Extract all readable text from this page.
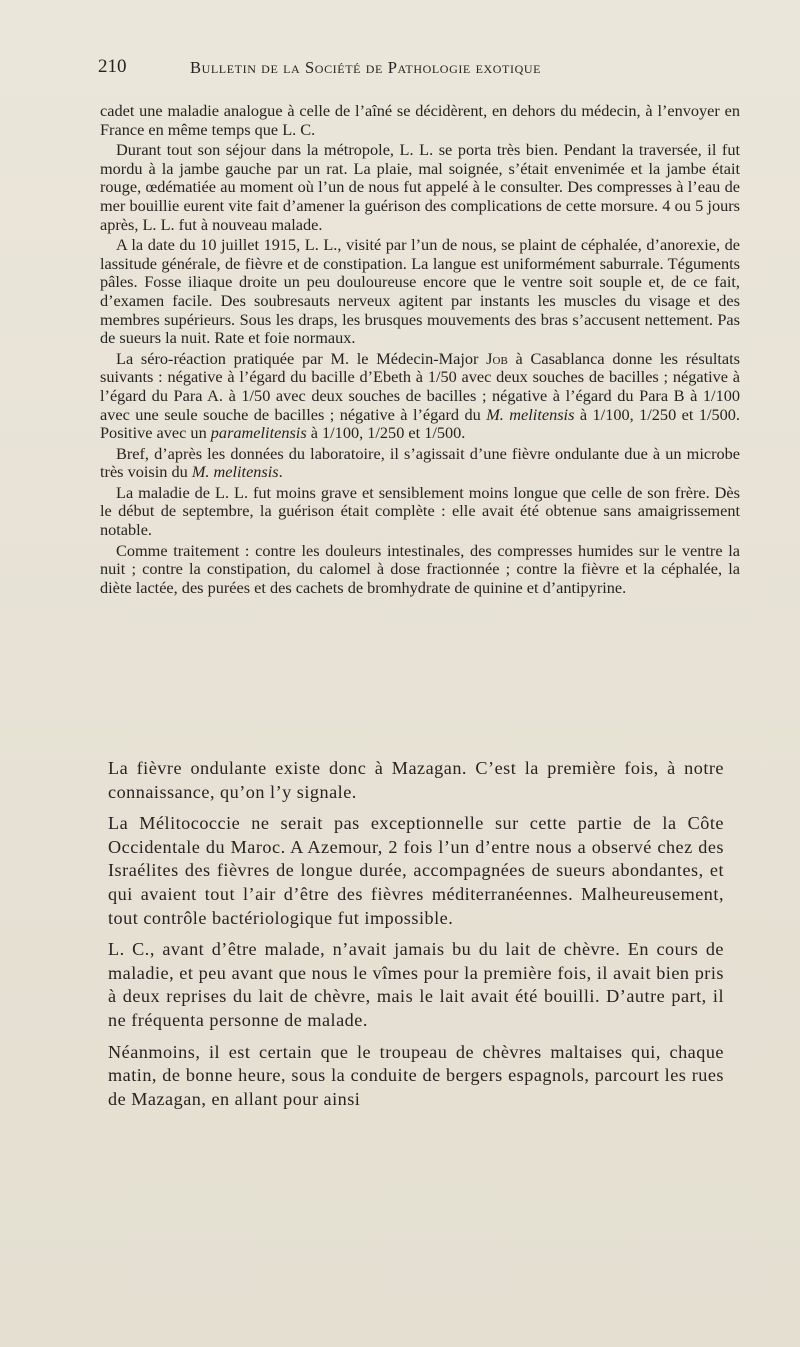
210	Bulletin de la Société de Pathologie exotique

cadet une maladie analogue à celle de l’aîné se décidèrent, en dehors du médecin, à l’envoyer en France en même temps que L. C.

Durant tout son séjour dans la métropole, L. L. se porta très bien. Pendant la traversée, il fut mordu à la jambe gauche par un rat. La plaie, mal soignée, s’était envenimée et la jambe était rouge, œdématiée au moment où l’un de nous fut appelé à le consulter. Des compresses à l’eau de mer bouillie eurent vite fait d’amener la guérison des complications de cette morsure. 4 ou 5 jours après, L. L. fut à nouveau malade.

A la date du 10 juillet 1915, L. L., visité par l’un de nous, se plaint de céphalée, d’anorexie, de lassitude générale, de fièvre et de constipation. La langue est uniformément saburrale. Téguments pâles. Fosse iliaque droite un peu douloureuse encore que le ventre soit souple et, de ce fait, d’examen facile. Des soubresauts nerveux agitent par instants les muscles du visage et des membres supérieurs. Sous les draps, les brusques mouvements des bras s’accusent nettement. Pas de sueurs la nuit. Rate et foie normaux.

La séro-réaction pratiquée par M. le Médecin-Major Job à Casablanca donne les résultats suivants : négative à l’égard du bacille d’Ebeth à 1/50 avec deux souches de bacilles ; négative à l’égard du Para A. à 1/50 avec deux souches de bacilles ; négative à l’égard du Para B à 1/100 avec une seule souche de bacilles ; négative à l’égard du M. melitensis à 1/100, 1/250 et 1/500. Positive avec un paramelitensis à 1/100, 1/250 et 1/500.

Bref, d’après les données du laboratoire, il s’agissait d’une fièvre ondulante due à un microbe très voisin du M. melitensis.

La maladie de L. L. fut moins grave et sensiblement moins longue que celle de son frère. Dès le début de septembre, la guérison était complète : elle avait été obtenue sans amaigrissement notable.

Comme traitement : contre les douleurs intestinales, des compresses humides sur le ventre la nuit ; contre la constipation, du calomel à dose fractionnée ; contre la fièvre et la céphalée, la diète lactée, des purées et des cachets de bromhydrate de quinine et d’antipyrine.

La fièvre ondulante existe donc à Mazagan. C’est la première fois, à notre connaissance, qu’on l’y signale.

La Mélitococcie ne serait pas exceptionnelle sur cette partie de la Côte Occidentale du Maroc. A Azemour, 2 fois l’un d’entre nous a observé chez des Israélites des fièvres de longue durée, accompagnées de sueurs abondantes, et qui avaient tout l’air d’être des fièvres méditerranéennes. Malheureusement, tout contrôle bactériologique fut impossible.

L. C., avant d’être malade, n’avait jamais bu du lait de chèvre. En cours de maladie, et peu avant que nous le vîmes pour la première fois, il avait bien pris à deux reprises du lait de chèvre, mais le lait avait été bouilli. D’autre part, il ne fréquenta personne de malade.

Néanmoins, il est certain que le troupeau de chèvres maltaises qui, chaque matin, de bonne heure, sous la conduite de bergers espagnols, parcourt les rues de Mazagan, en allant pour ainsi
